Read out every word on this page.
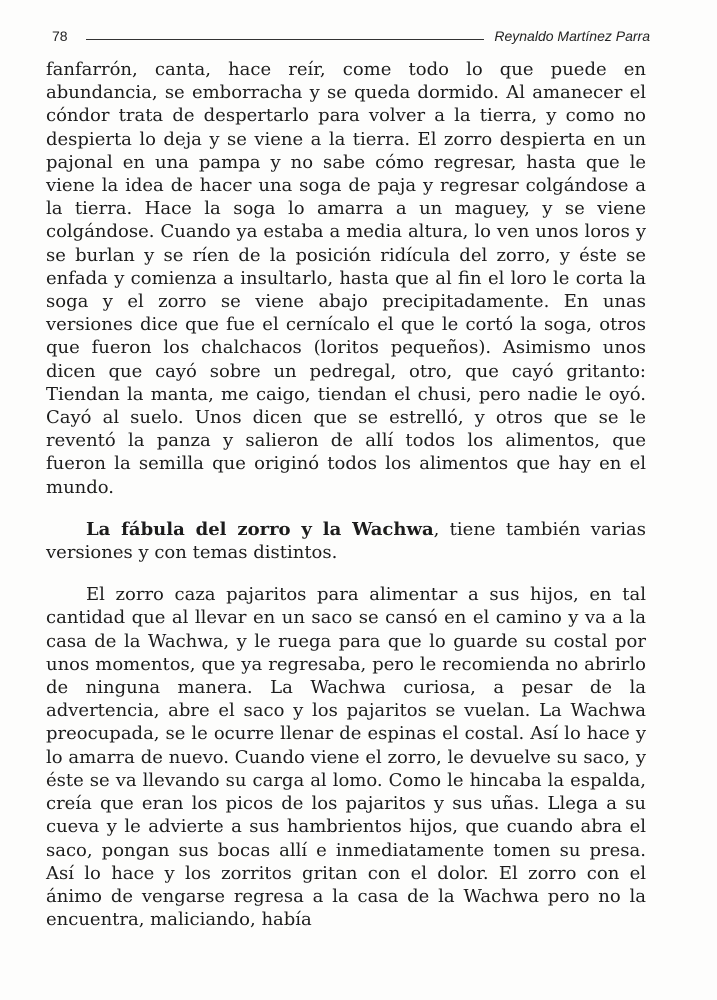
78	Reynaldo Martínez Parra

fanfarrón, canta, hace reír, come todo lo que puede en abundancia, se emborracha y se queda dormido. Al amanecer el cóndor trata de despertarlo para volver a la tierra, y como no despierta lo deja y se viene a la tierra. El zorro despierta en un pajonal en una pampa y no sabe cómo regresar, hasta que le viene la idea de hacer una soga de paja y regresar colgándose a la tierra. Hace la soga lo amarra a un maguey, y se viene colgándose. Cuando ya estaba a media altura, lo ven unos loros y se burlan y se ríen de la posición ridícula del zorro, y éste se enfada y comienza a insultarlo, hasta que al fin el loro le corta la soga y el zorro se viene abajo precipitadamente. En unas versiones dice que fue el cernícalo el que le cortó la soga, otros que fueron los chalchacos (loritos pequeños). Asimismo unos dicen que cayó sobre un pedregal, otro, que cayó gritanto: Tiendan la manta, me caigo, tiendan el chusi, pero nadie le oyó. Cayó al suelo. Unos dicen que se estrelló, y otros que se le reventó la panza y salieron de allí todos los alimentos, que fueron la semilla que originó todos los alimentos que hay en el mundo.

La fábula del zorro y la Wachwa, tiene también varias versiones y con temas distintos.

El zorro caza pajaritos para alimentar a sus hijos, en tal cantidad que al llevar en un saco se cansó en el camino y va a la casa de la Wachwa, y le ruega para que lo guarde su costal por unos momentos, que ya regresaba, pero le recomienda no abrirlo de ninguna manera. La Wachwa curiosa, a pesar de la advertencia, abre el saco y los pajaritos se vuelan. La Wachwa preocupada, se le ocurre llenar de espinas el costal. Así lo hace y lo amarra de nuevo. Cuando viene el zorro, le devuelve su saco, y éste se va llevando su carga al lomo. Como le hincaba la espalda, creía que eran los picos de los pajaritos y sus uñas. Llega a su cueva y le advierte a sus hambrientos hijos, que cuando abra el saco, pongan sus bocas allí e inmediatamente tomen su presa. Así lo hace y los zorritos gritan con el dolor. El zorro con el ánimo de vengarse regresa a la casa de la Wachwa pero no la encuentra, maliciando, había
